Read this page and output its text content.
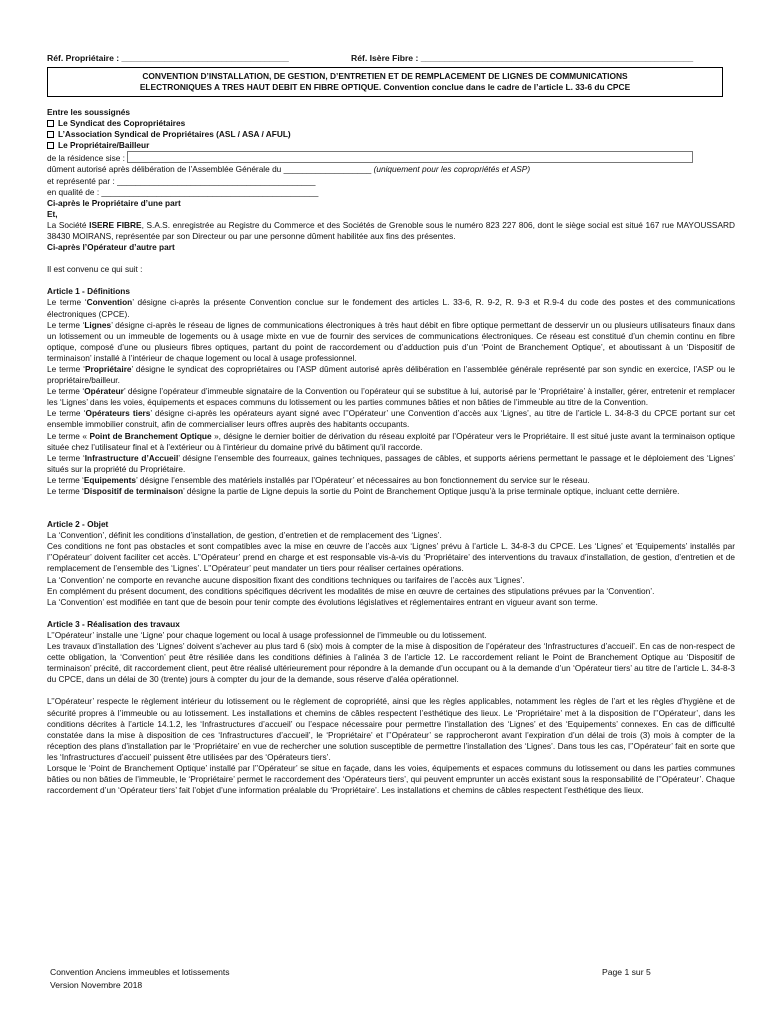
Réf. Propriétaire : ___________________________________	Réf. Isère Fibre : _________________________________________________________
CONVENTION D’INSTALLATION, DE GESTION, D’ENTRETIEN ET DE REMPLACEMENT DE LIGNES DE COMMUNICATIONS
ELECTRONIQUES A TRES HAUT DEBIT EN FIBRE OPTIQUE. Convention conclue dans le cadre de l’article L. 33-6 du CPCE

Entre les soussignés

Le Syndicat des Copropriétaires

L’Association Syndical de Propriétaires (ASL / ASA / AFUL)

Le Propriétaire/Bailleur

de la résidence sise :

dûment autorisé après délibération de l’Assemblée Générale du ___________________ (uniquement pour les copropriétés et ASP)

et représenté par : ___________________________________________

en qualité de : _______________________________________________

Ci-après le Propriétaire d’une part

Et,

La Société ISERE FIBRE, S.A.S. enregistrée au Registre du Commerce et des Sociétés de Grenoble sous le numéro 823 227 806, dont le siège social est situé 167 rue MAYOUSSARD 38430 MOIRANS, représentée par son Directeur ou par une personne dûment habilitée aux fins des présentes.

Ci-après l’Opérateur d’autre part

Il est convenu ce qui suit :

Article 1 - Définitions

Le terme ‘Convention’ désigne ci-après la présente Convention conclue sur le fondement des articles L. 33-6, R. 9-2, R. 9-3 et R.9-4 du code des postes et des communications électroniques (CPCE).

Le terme ‘Lignes’ désigne ci-après le réseau de lignes de communications électroniques à très haut débit en fibre optique permettant de desservir un ou plusieurs utilisateurs finaux dans un lotissement ou un immeuble de logements ou à usage mixte en vue de fournir des services de communications électroniques. Ce réseau est constitué d’un chemin continu en fibre optique, composé d’une ou plusieurs fibres optiques, partant du point de raccordement ou d’adduction puis d’un ‘Point de Branchement Optique’, et aboutissant à un ‘Dispositif de terminaison’ installé à l’intérieur de chaque logement ou local à usage professionnel.

Le terme ‘Propriétaire’ désigne le syndicat des copropriétaires ou l’ASP dûment autorisé après délibération en l’assemblée générale représenté par son syndic en exercice, l’ASP ou le propriétaire/bailleur.

Le terme ‘Opérateur’ désigne l’opérateur d’immeuble signataire de la Convention ou l’opérateur qui se substitue à lui, autorisé par le ‘Propriétaire’ à installer, gérer, entretenir et remplacer les ‘Lignes’ dans les voies, équipements et espaces communs du lotissement ou les parties communes bâties et non bâties de l’immeuble au titre de la Convention.

Le terme ‘Opérateurs tiers’ désigne ci-après les opérateurs ayant signé avec l’’Opérateur’ une Convention d’accès aux ‘Lignes’, au titre de l’article L. 34-8-3 du CPCE portant sur cet ensemble immobilier construit, afin de commercialiser leurs offres auprès des habitants occupants.

Le terme « Point de Branchement Optique », désigne le dernier boitier de dérivation du réseau exploité par l’Opérateur vers le Propriétaire. Il est situé juste avant la terminaison optique située chez l’utilisateur final et à l’extérieur ou à l’intérieur du domaine privé du bâtiment qu’il raccorde.

Le terme ‘Infrastructure d’Accueil’ désigne l’ensemble des fourreaux, gaines techniques, passages de câbles, et supports aériens permettant le passage et le déploiement des ‘Lignes’ situés sur la propriété du Propriétaire.

Le terme ‘Equipements’ désigne l’ensemble des matériels installés par l’Opérateur’ et nécessaires au bon fonctionnement du service sur le réseau.

Le terme ‘Dispositif de terminaison’ désigne la partie de Ligne depuis la sortie du Point de Branchement Optique jusqu’à la prise terminale optique, incluant cette dernière.

Article 2 - Objet

La ‘Convention’, définit les conditions d’installation, de gestion, d’entretien et de remplacement des ‘Lignes’.

Ces conditions ne font pas obstacles et sont compatibles avec la mise en œuvre de l’accès aux ‘Lignes’ prévu à l’article L. 34-8-3 du CPCE. Les ‘Lignes’ et ‘Equipements’ installés par l’’Opérateur’ doivent faciliter cet accès. L’’Opérateur’ prend en charge et est responsable vis-à-vis du ‘Propriétaire’ des interventions du travaux d’installation, de gestion, d’entretien et de remplacement de l’ensemble des ‘Lignes’. L’’Opérateur’ peut mandater un tiers pour réaliser certaines opérations.

La ‘Convention’ ne comporte en revanche aucune disposition fixant des conditions techniques ou tarifaires de l’accès aux ‘Lignes’.

En complément du présent document, des conditions spécifiques décrivent les modalités de mise en œuvre de certaines des stipulations prévues par la ‘Convention’.

La ‘Convention’ est modifiée en tant que de besoin pour tenir compte des évolutions législatives et réglementaires entrant en vigueur avant son terme.

Article 3 - Réalisation des travaux

L’’Opérateur’ installe une ‘Ligne’ pour chaque logement ou local à usage professionnel de l’immeuble ou du lotissement.

Les travaux d’installation des ‘Lignes’ doivent s’achever au plus tard 6 (six) mois à compter de la mise à disposition de l’opérateur des ‘Infrastructures d’accueil’. En cas de non-respect de cette obligation, la ‘Convention’ peut être résiliée dans les conditions définies à l’alinéa 3 de l’article 12. Le raccordement reliant le Point de Branchement Optique au ‘Dispositif de terminaison’ précité, dit raccordement client, peut être réalisé ultérieurement pour répondre à la demande d’un occupant ou à la demande d’un ‘Opérateur tiers’ au titre de l’article L. 34-8-3 du CPCE, dans un délai de 30 (trente) jours à compter du jour de la demande, sous réserve d’aléa opérationnel.

L’’Opérateur’ respecte le règlement intérieur du lotissement ou le règlement de copropriété, ainsi que les règles applicables, notamment les règles de l’art et les règles d’hygiène et de sécurité propres à l’immeuble ou au lotissement. Les installations et chemins de câbles respectent l’esthétique des lieux. Le ‘Propriétaire’ met à la disposition de l’’Opérateur’, dans les conditions décrites à l’article 14.1.2, les ‘Infrastructures d’accueil’ ou l’espace nécessaire pour permettre l’installation des ‘Lignes’ et des ‘Equipements’ connexes. En cas de difficulté constatée dans la mise à disposition de ces ‘Infrastructures d’accueil’, le ‘Propriétaire’ et l’’Opérateur’ se rapprocheront avant l’expiration d’un délai de trois (3) mois à compter de la réception des plans d’installation par le ‘Propriétaire’ en vue de rechercher une solution susceptible de permettre l’installation des ‘Lignes’. Dans tous les cas, l’’Opérateur’ fait en sorte que les ‘Infrastructures d’accueil’ puissent être utilisées par des ‘Opérateurs tiers’.

Lorsque le ‘Point de Branchement Optique’ installé par l’’Opérateur’ se situe en façade, dans les voies, équipements et espaces communs du lotissement ou dans les parties communes bâties ou non bâties de l’immeuble, le ‘Propriétaire’ permet le raccordement des ‘Opérateurs tiers’, qui peuvent emprunter un accès existant sous la responsabilité de l’’Opérateur’. Chaque raccordement d’un ‘Opérateur tiers’ fait l’objet d’une information préalable du ‘Propriétaire’. Les installations et chemins de câbles respectent l’esthétique des lieux.

Convention Anciens immeubles et lotissements
Version Novembre 2018
Page 1 sur 5
